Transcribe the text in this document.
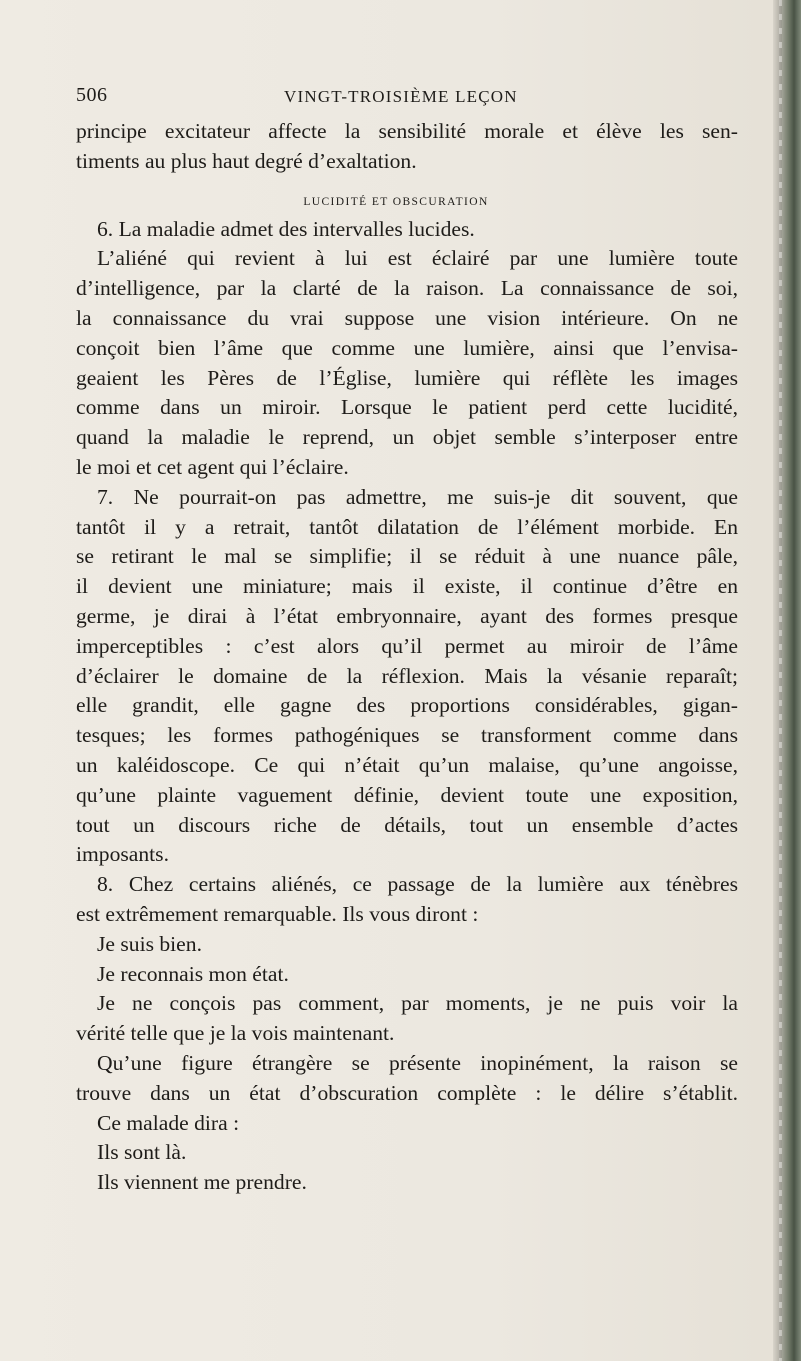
506	VINGT-TROISIÈME LEÇON
principe excitateur affecte la sensibilité morale et élève les sen-
timents au plus haut degré d’exaltation.
LUCIDITÉ ET OBSCURATION
6. La maladie admet des intervalles lucides.
L’aliéné qui revient à lui est éclairé par une lumière toute
d’intelligence, par la clarté de la raison. La connaissance de soi,
la connaissance du vrai suppose une vision intérieure. On ne
conçoit bien l’âme que comme une lumière, ainsi que l’envisa-
geaient les Pères de l’Église, lumière qui réflète les images
comme dans un miroir. Lorsque le patient perd cette lucidité,
quand la maladie le reprend, un objet semble s’interposer entre
le moi et cet agent qui l’éclaire.
7. Ne pourrait-on pas admettre, me suis-je dit souvent, que
tantôt il y a retrait, tantôt dilatation de l’élément morbide. En
se retirant le mal se simplifie; il se réduit à une nuance pâle,
il devient une miniature; mais il existe, il continue d’être en
germe, je dirai à l’état embryonnaire, ayant des formes presque
imperceptibles : c’est alors qu’il permet au miroir de l’âme
d’éclairer le domaine de la réflexion. Mais la vésanie reparaît;
elle grandit, elle gagne des proportions considérables, gigan-
tesques; les formes pathogéniques se transforment comme dans
un kaléidoscope. Ce qui n’était qu’un malaise, qu’une angoisse,
qu’une plainte vaguement définie, devient toute une exposition,
tout un discours riche de détails, tout un ensemble d’actes
imposants.
8. Chez certains aliénés, ce passage de la lumière aux ténèbres
est extrêmement remarquable. Ils vous diront :
Je suis bien.
Je reconnais mon état.
Je ne conçois pas comment, par moments, je ne puis voir la
vérité telle que je la vois maintenant.
Qu’une figure étrangère se présente inopinément, la raison se
trouve dans un état d’obscuration complète : le délire s’établit.
Ce malade dira :
Ils sont là.
Ils viennent me prendre.
